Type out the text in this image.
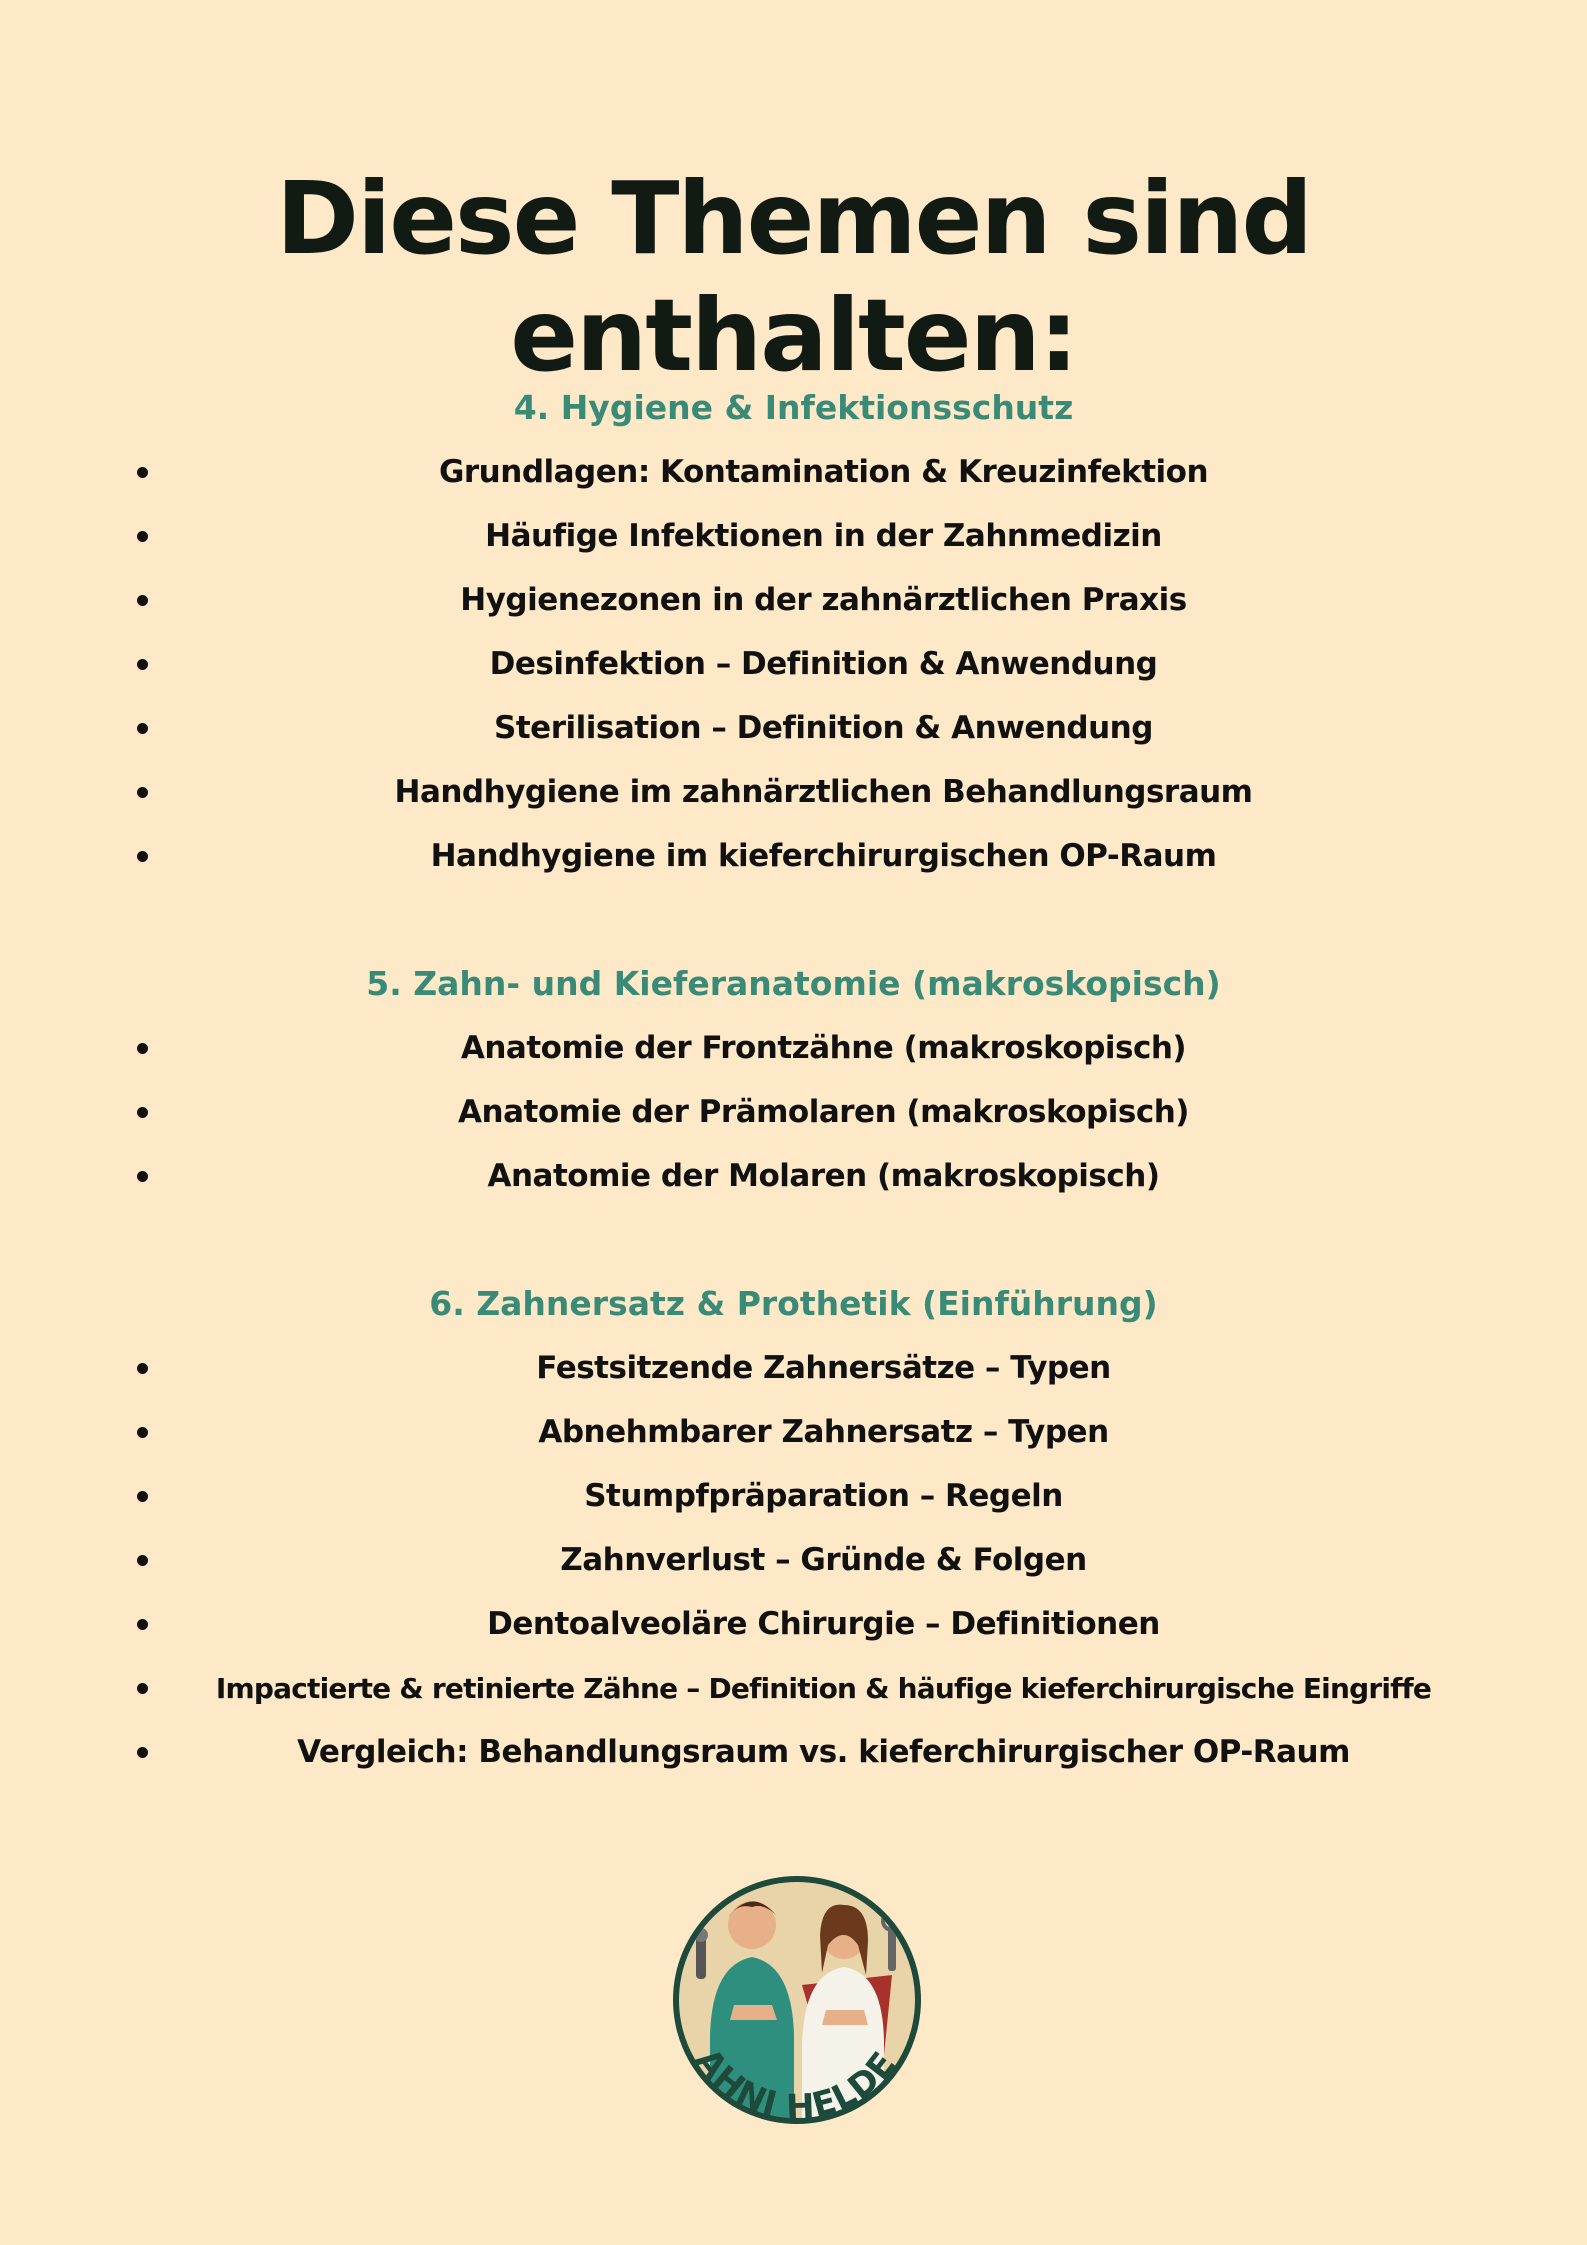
Diese Themen sind enthalten:
4. Hygiene & Infektionsschutz
Grundlagen: Kontamination & Kreuzinfektion
Häufige Infektionen in der Zahnmedizin
Hygienezonen in der zahnärztlichen Praxis
Desinfektion – Definition & Anwendung
Sterilisation – Definition & Anwendung
Handhygiene im zahnärztlichen Behandlungsraum
Handhygiene im kieferchirurgischen OP-Raum
5. Zahn- und Kieferanatomie (makroskopisch)
Anatomie der Frontzähne (makroskopisch)
Anatomie der Prämolaren (makroskopisch)
Anatomie der Molaren (makroskopisch)
6. Zahnersatz & Prothetik (Einführung)
Festsitzende Zahnersätze – Typen
Abnehmbarer Zahnersatz – Typen
Stumpfpräparation – Regeln
Zahnverlust – Gründe & Folgen
Dentoalveoläre Chirurgie – Definitionen
Impactierte & retinierte Zähne – Definition & häufige kieferchirurgische Eingriffe
Vergleich: Behandlungsraum vs. kieferchirurgischer OP-Raum
AHNI HELDE
